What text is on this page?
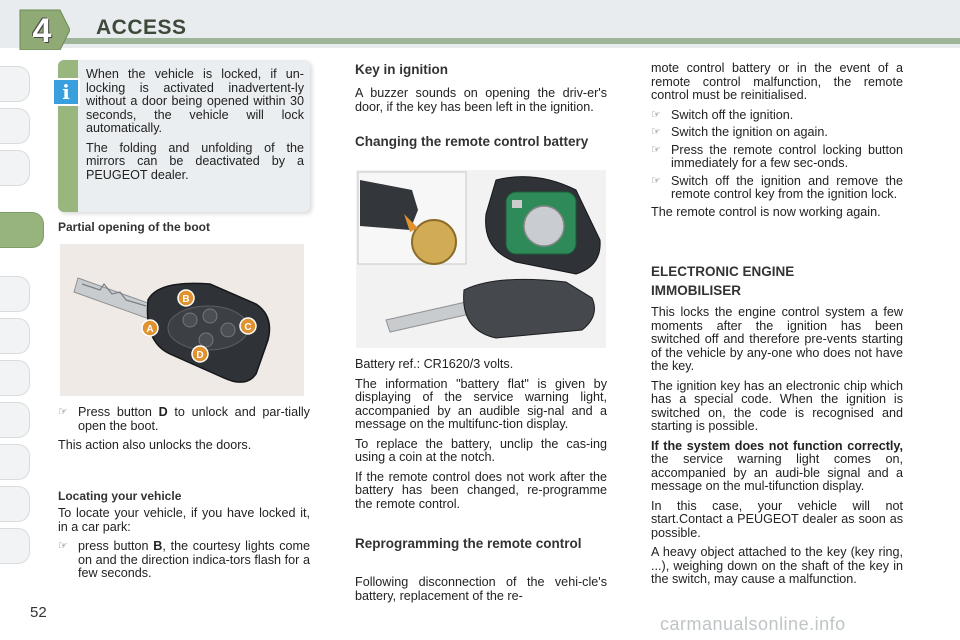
4	ACCESS
i

When the vehicle is locked, if un-locking is activated inadvertent-ly without a door being opened within 30 seconds, the vehicle will lock automatically.

The folding and unfolding of the mirrors can be deactivated by a PEUGEOT dealer.

Partial opening of the boot
B
A	C
D
☞ Press button D to unlock and par-tially open the boot.

This action also unlocks the doors.

Locating your vehicle

To locate your vehicle, if you have locked it, in a car park:

☞ press button B, the courtesy lights come on and the direction indica-tors flash for a few seconds.
Key in ignition
A buzzer sounds on opening the driv-er's door, if the key has been left in the ignition.
Changing the remote control battery

Battery ref.: CR1620/3 volts.

The information "battery flat" is given by displaying of the service warning light, accompanied by an audible sig-nal and a message on the multifunc-tion display.

To replace the battery, unclip the cas-ing using a coin at the notch.

If the remote control does not work after the battery has been changed, re-programme the remote control.

Reprogramming the remote control
Following disconnection of the vehi-cle's battery, replacement of the re-

mote control battery or in the event of a remote control malfunction, the remote control must be reinitialised.

☞ Switch off the ignition.
☞ Switch the ignition on again.
☞ Press the remote control locking button immediately for a few sec-onds.
☞ Switch off the ignition and remove the remote control key from the ignition lock.

The remote control is now working again.

ELECTRONIC ENGINE IMMOBILISER

This locks the engine control system a few moments after the ignition has been switched off and therefore pre-vents starting of the vehicle by any-one who does not have the key.

The ignition key has an electronic chip which has a special code. When the ignition is switched on, the code is recognised and starting is possible.

If the system does not function correctly, the service warning light comes on, accompanied by an audi-ble signal and a message on the mul-tifunction display.

In this case, your vehicle will not start.Contact a PEUGEOT dealer as soon as possible.

A heavy object attached to the key (key ring, ...), weighing down on the shaft of the key in the switch, may cause a malfunction.

52
carmanualsonline.info
